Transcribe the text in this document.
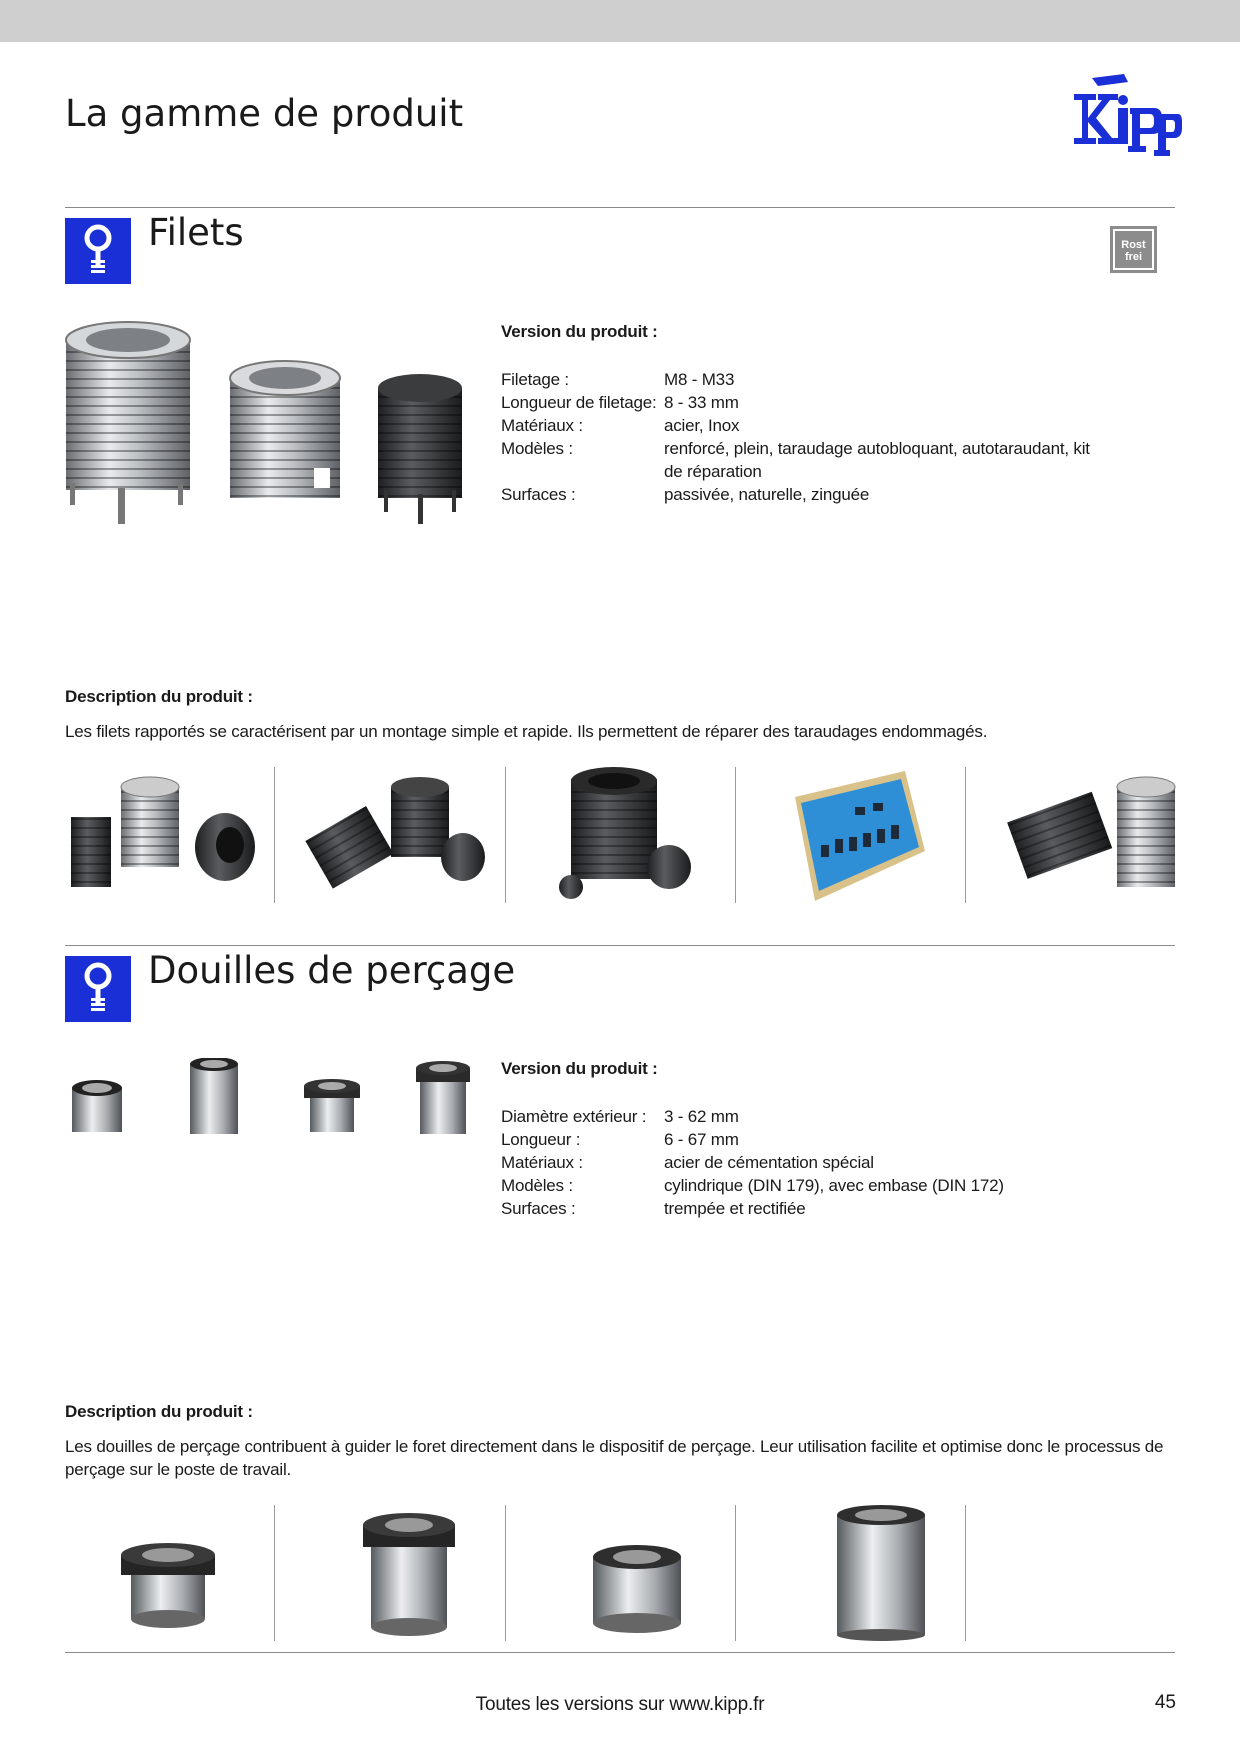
La gamme de produit
Filets	Rost
frei
Version du produit :
Filetage :	M8 - M33
Longueur de filetage:	8 - 33 mm
Matériaux :	acier, Inox
Modèles :	renforcé, plein, taraudage autobloquant, autotaraudant, kit de réparation
Surfaces :	passivée, naturelle, zinguée
Description du produit :
Les filets rapportés se caractérisent par un montage simple et rapide. Ils permettent de réparer des taraudages endommagés.
Douilles de perçage
Version du produit :
Diamètre extérieur :	3 - 62 mm
Longueur :	6 - 67 mm
Matériaux :	acier de cémentation spécial
Modèles :	cylindrique (DIN 179), avec embase (DIN 172)
Surfaces :	trempée et rectifiée
Description du produit :
Les douilles de perçage contribuent à guider le foret directement dans le dispositif de perçage. Leur utilisation facilite et optimise donc le processus de perçage sur le poste de travail.
Toutes les versions sur www.kipp.fr	45
